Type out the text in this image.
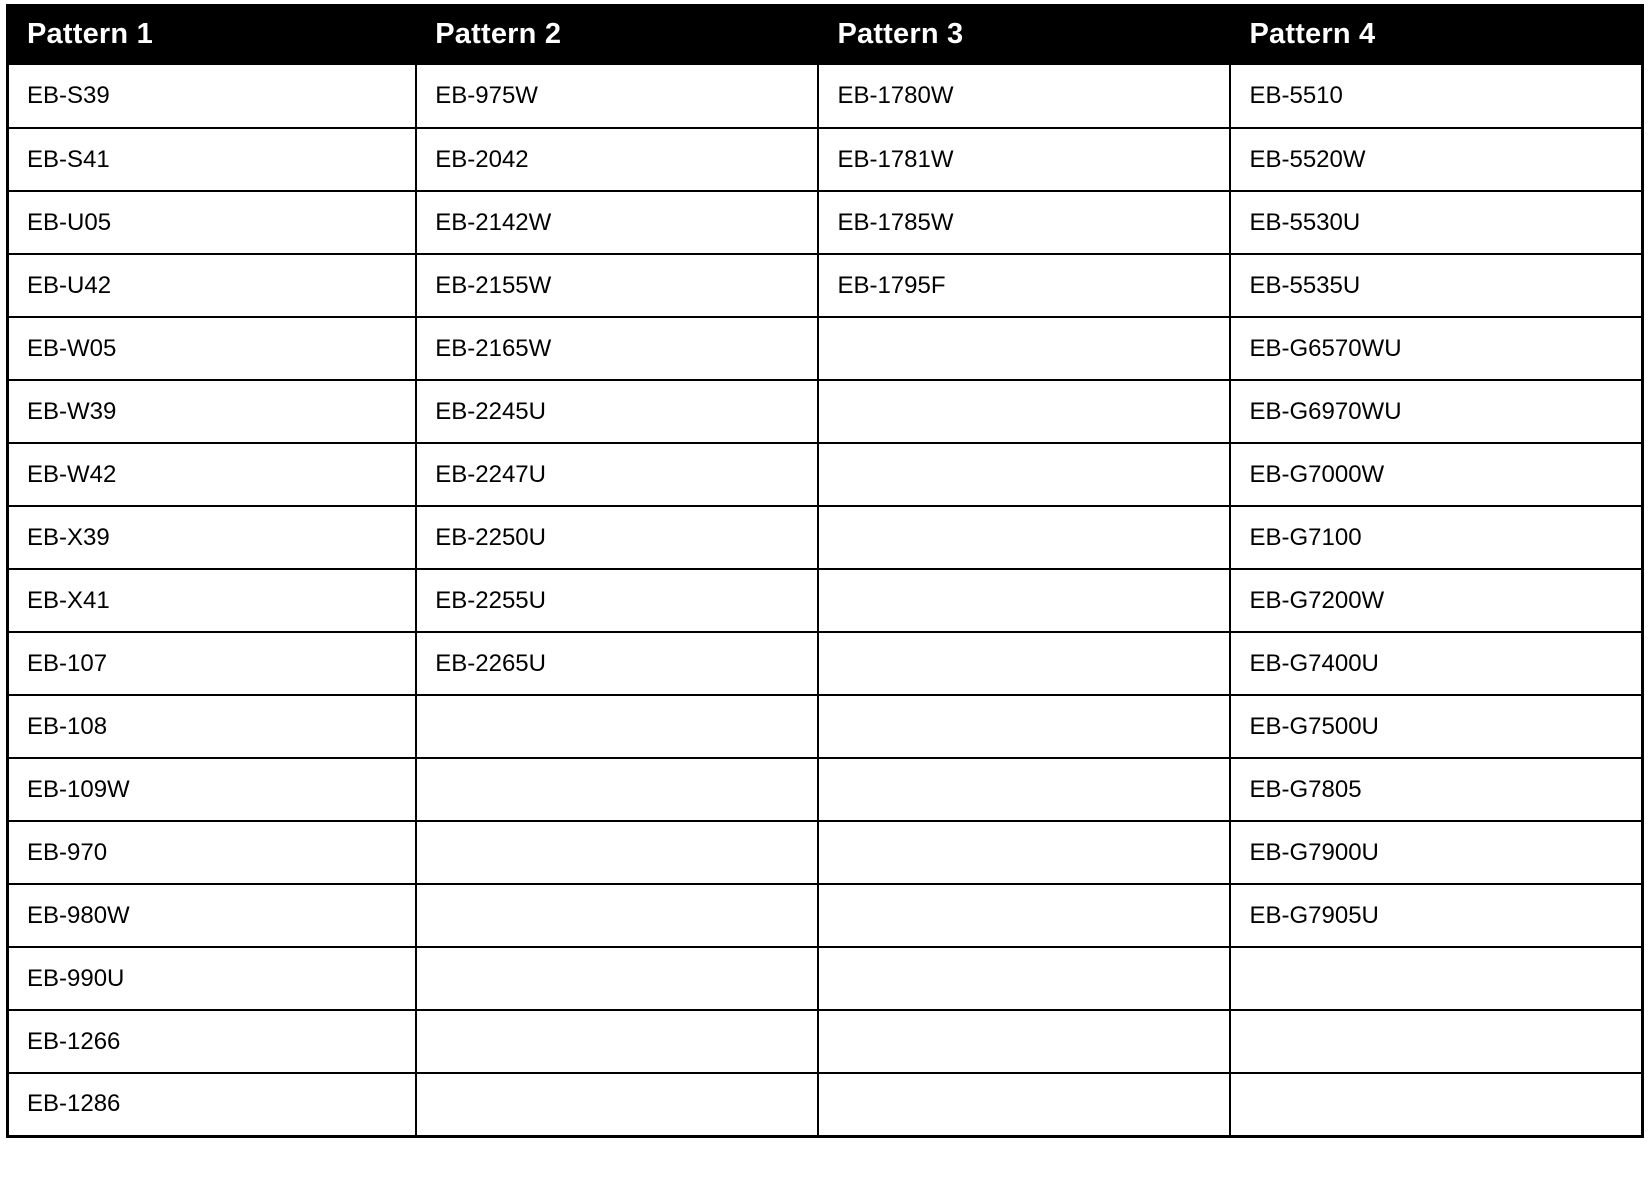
Pattern 1	Pattern 2	Pattern 3	Pattern 4
EB-S39	EB-975W	EB-1780W	EB-5510
EB-S41	EB-2042	EB-1781W	EB-5520W
EB-U05	EB-2142W	EB-1785W	EB-5530U
EB-U42	EB-2155W	EB-1795F	EB-5535U
EB-W05	EB-2165W		EB-G6570WU
EB-W39	EB-2245U		EB-G6970WU
EB-W42	EB-2247U		EB-G7000W
EB-X39	EB-2250U		EB-G7100
EB-X41	EB-2255U		EB-G7200W
EB-107	EB-2265U		EB-G7400U
EB-108			EB-G7500U
EB-109W			EB-G7805
EB-970			EB-G7900U
EB-980W			EB-G7905U
EB-990U			
EB-1266			
EB-1286			
